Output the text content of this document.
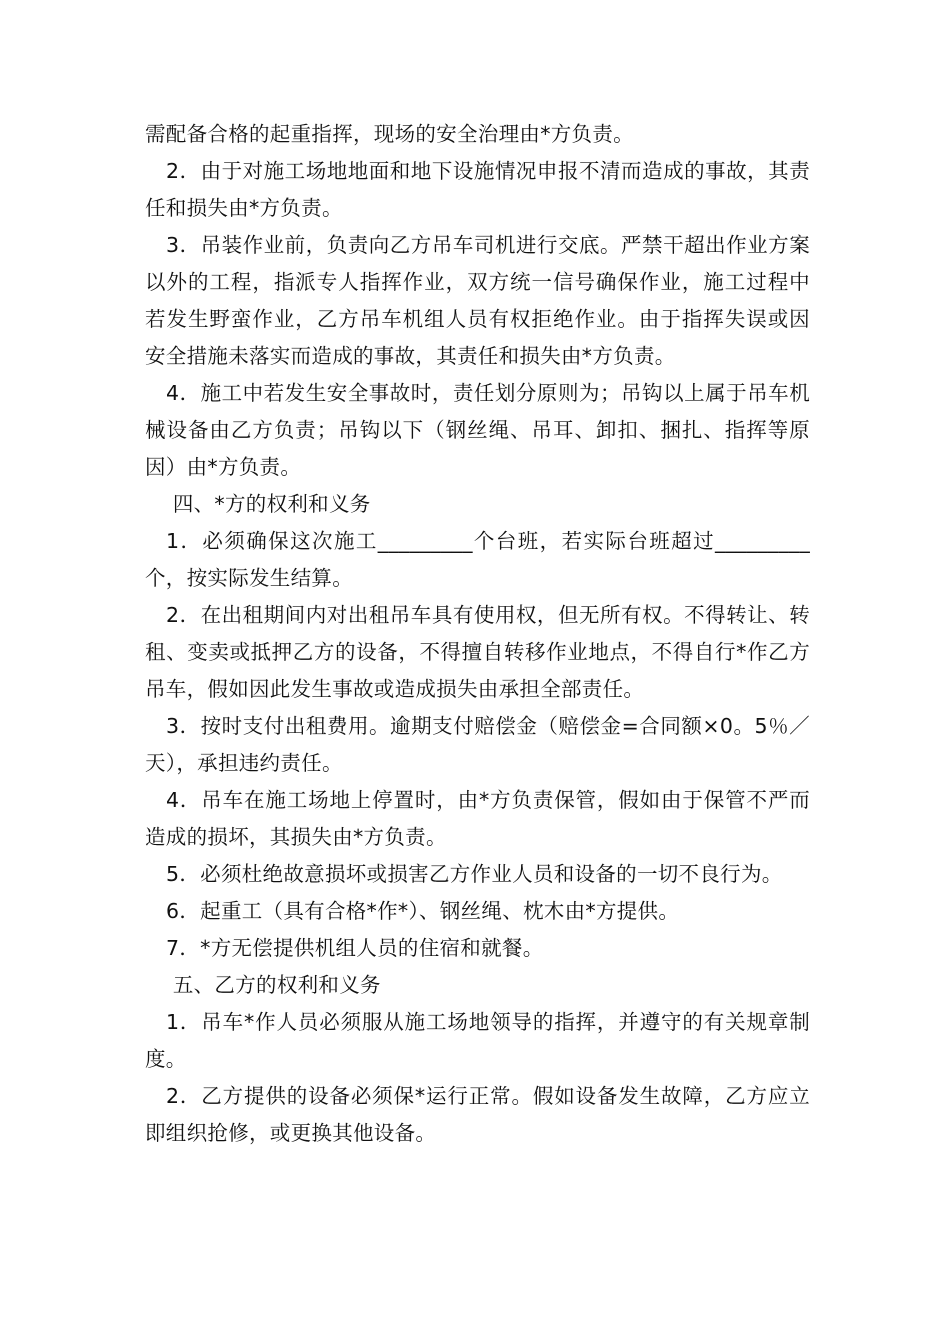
需配备合格的起重指挥，现场的安全治理由*方负责。

2．由于对施工场地地面和地下设施情况申报不清而造成的事故，其责任和损失由*方负责。

3．吊装作业前，负责向乙方吊车司机进行交底。严禁干超出作业方案以外的工程，指派专人指挥作业，双方统一信号确保作业，施工过程中若发生野蛮作业，乙方吊车机组人员有权拒绝作业。由于指挥失误或因安全措施未落实而造成的事故，其责任和损失由*方负责。

4．施工中若发生安全事故时，责任划分原则为；吊钩以上属于吊车机械设备由乙方负责；吊钩以下（钢丝绳、吊耳、卸扣、捆扎、指挥等原因）由*方负责。

四、*方的权利和义务

1．必须确保这次施工_________个台班，若实际台班超过_________个，按实际发生结算。

2．在出租期间内对出租吊车具有使用权，但无所有权。不得转让、转租、变卖或抵押乙方的设备，不得擅自转移作业地点，不得自行*作乙方吊车，假如因此发生事故或造成损失由承担全部责任。

3．按时支付出租费用。逾期支付赔偿金（赔偿金=合同额×0。5％／天），承担违约责任。

4．吊车在施工场地上停置时，由*方负责保管，假如由于保管不严而造成的损坏，其损失由*方负责。

5．必须杜绝故意损坏或损害乙方作业人员和设备的一切不良行为。

6．起重工（具有合格*作*）、钢丝绳、枕木由*方提供。

7．*方无偿提供机组人员的住宿和就餐。

五、乙方的权利和义务

1．吊车*作人员必须服从施工场地领导的指挥，并遵守的有关规章制度。

2．乙方提供的设备必须保*运行正常。假如设备发生故障，乙方应立即组织抢修，或更换其他设备。
